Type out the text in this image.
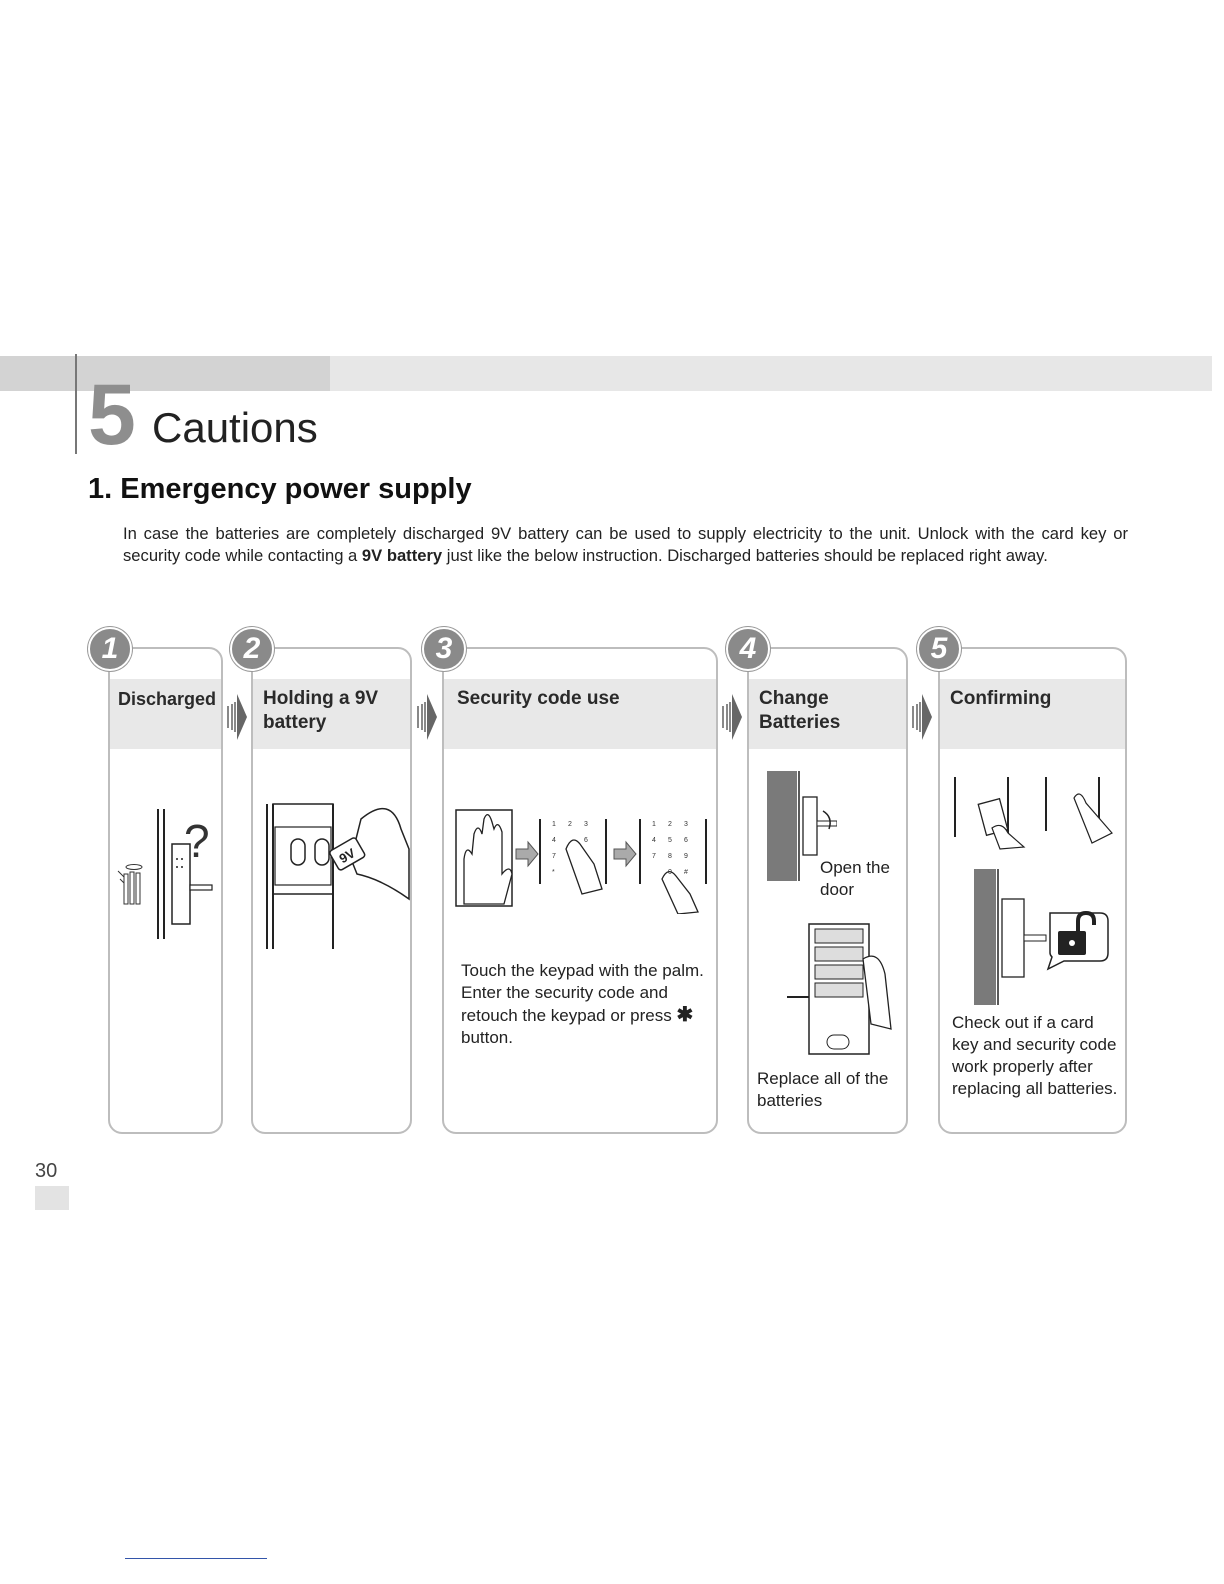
5 Cautions
1. Emergency power supply

In case the batteries are completely discharged 9V battery can be used to supply electricity to the unit. Unlock with the card key or security code while contacting a 9V battery just like the below instruction. Discharged batteries should be replaced right away.

Discharged
?
1
Holding a 9V battery
9V
2
Security code use
1 2 3
4	6
7
*
1 2 3
4 5 6
7 8 9
0 #
Touch the keypad with the palm. Enter the security code and retouch the keypad or press ✱ button.
3
Change Batteries
Open the door
Replace all of the batteries
4
Confirming
Check out if a card key and security code work properly after replacing all batteries.
5
30
